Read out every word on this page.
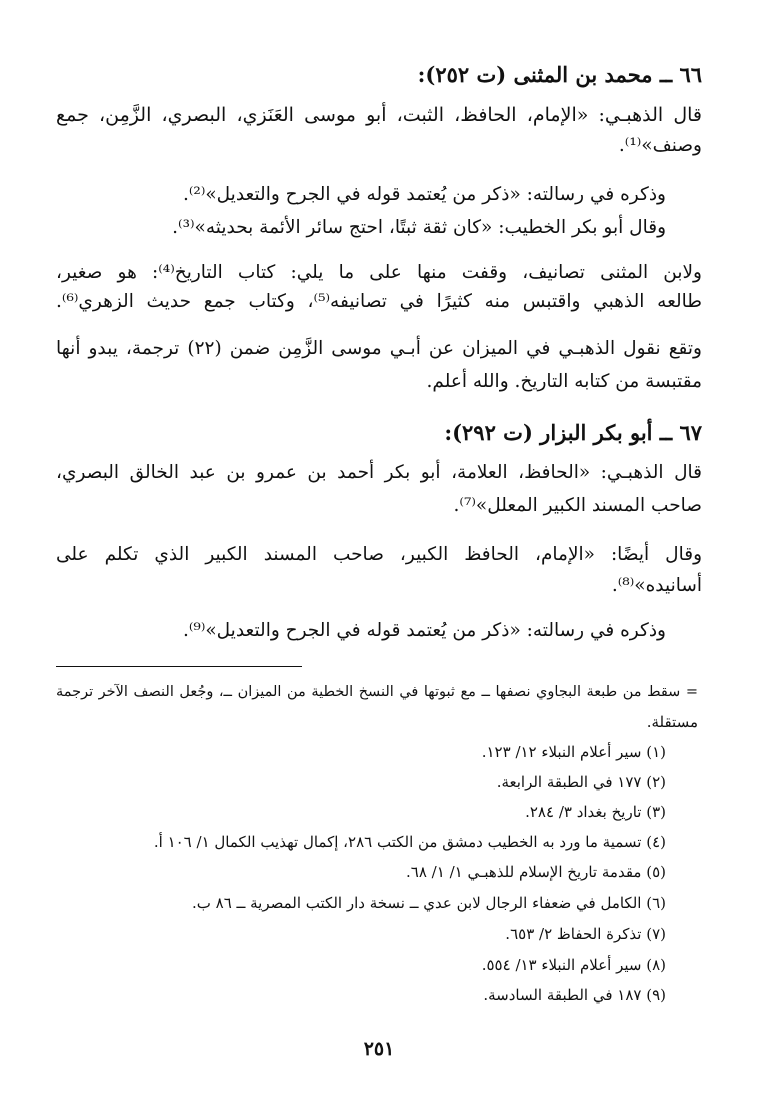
٦٦ ــ محمد بن المثنى (ت ٢٥٢):
قال الذهبـي: «الإمام، الحافظ، الثبت، أبو موسى العَنَزي، البصري، الزَّمِن، جمع
وصنف»⁽¹⁾.
وذكره في رسالته: «ذكر من يُعتمد قوله في الجرح والتعديل»⁽²⁾.
وقال أبو بكر الخطيب: «كان ثقة ثبتًا، احتج سائر الأئمة بحديثه»⁽³⁾.
ولابن المثنى تصانيف، وقفت منها على ما يلي: كتاب التاريخ⁽⁴⁾: هو صغير،
طالعه الذهبي واقتبس منه كثيرًا في تصانيفه⁽⁵⁾، وكتاب جمع حديث الزهري⁽⁶⁾.
وتقع نقول الذهبـي في الميزان عن أبـي موسى الزَّمِن ضمن (٢٢) ترجمة، يبدو أنها
مقتبسة من كتابه التاريخ. والله أعلم.
٦٧ ــ أبو بكر البزار (ت ٢٩٢):
قال الذهبـي: «الحافظ، العلامة، أبو بكر أحمد بن عمرو بن عبد الخالق البصري،
صاحب المسند الكبير المعلل»⁽⁷⁾.
وقال أيضًا: «الإمام، الحافظ الكبير، صاحب المسند الكبير الذي تكلم على
أسانيده»⁽⁸⁾.
وذكره في رسالته: «ذكر من يُعتمد قوله في الجرح والتعديل»⁽⁹⁾.
= سقط من طبعة البجاوي نصفها ــ مع ثبوتها في النسخ الخطية من الميزان ــ، وجُعل النصف الآخر ترجمة
مستقلة.
(١) سير أعلام النبلاء ١٢/ ١٢٣.
(٢) ١٧٧ في الطبقة الرابعة.
(٣) تاريخ بغداد ٣/ ٢٨٤.
(٤) تسمية ما ورد به الخطيب دمشق من الكتب ٢٨٦، إكمال تهذيب الكمال ١/ ١٠٦ أ.
(٥) مقدمة تاريخ الإسلام للذهبـي ١/ ١/ ٦٨.
(٦) الكامل في ضعفاء الرجال لابن عدي ــ نسخة دار الكتب المصرية ــ ٨٦ ب.
(٧) تذكرة الحفاظ ٢/ ٦٥٣.
(٨) سير أعلام النبلاء ١٣/ ٥٥٤.
(٩) ١٨٧ في الطبقة السادسة.
٢٥١
